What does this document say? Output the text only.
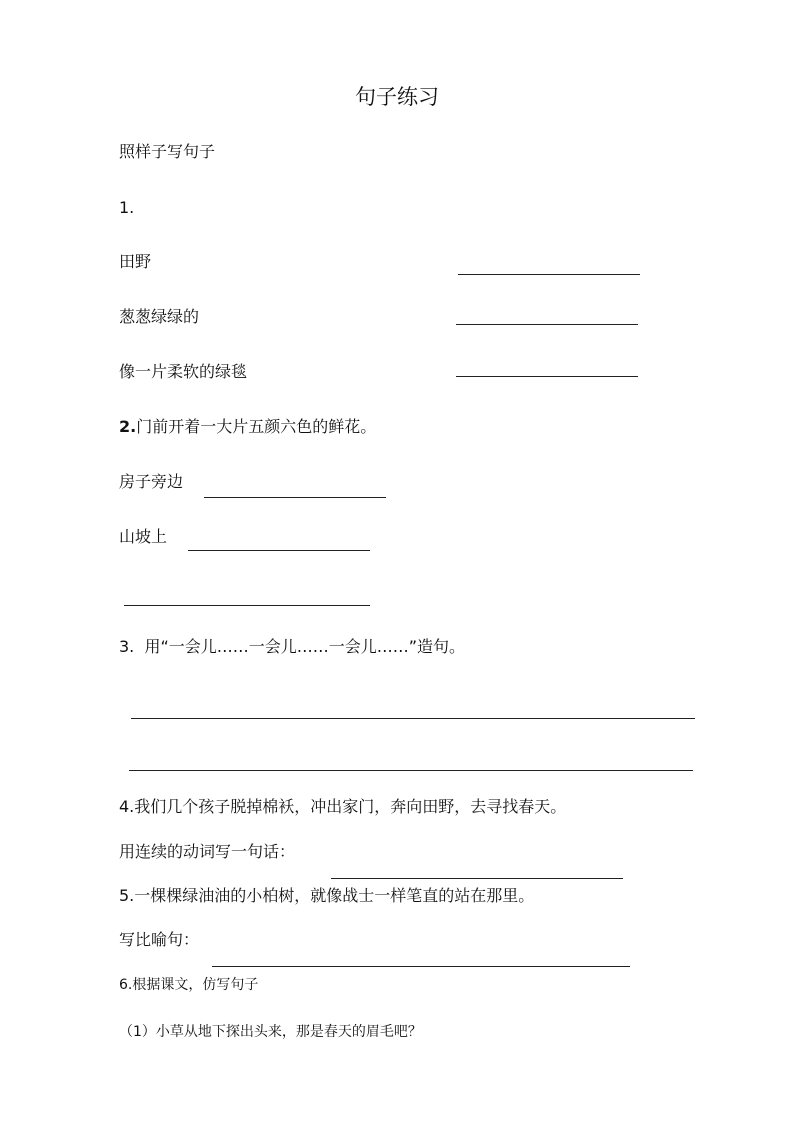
句子练习
照样子写句子
1.
田野
葱葱绿绿的
像一片柔软的绿毯
2.门前开着一大片五颜六色的鲜花。
房子旁边
山坡上
3. 用“一会儿……一会儿……一会儿……”造句。
4.我们几个孩子脱掉棉袄，冲出家门，奔向田野，去寻找春天。
用连续的动词写一句话：
5.一棵棵绿油油的小柏树，就像战士一样笔直的站在那里。
写比喻句：
6.根据课文，仿写句子
（1）小草从地下探出头来，那是春天的眉毛吧？
